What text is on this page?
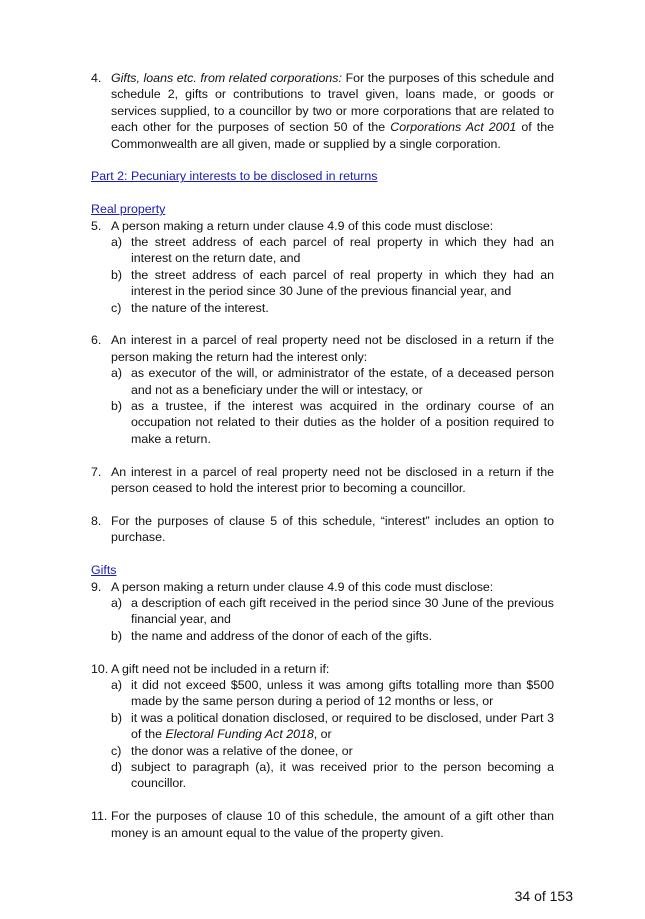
4. Gifts, loans etc. from related corporations: For the purposes of this schedule and schedule 2, gifts or contributions to travel given, loans made, or goods or services supplied, to a councillor by two or more corporations that are related to each other for the purposes of section 50 of the Corporations Act 2001 of the Commonwealth are all given, made or supplied by a single corporation.
Part 2: Pecuniary interests to be disclosed in returns
Real property
5. A person making a return under clause 4.9 of this code must disclose:
a) the street address of each parcel of real property in which they had an interest on the return date, and
b) the street address of each parcel of real property in which they had an interest in the period since 30 June of the previous financial year, and
c) the nature of the interest.
6. An interest in a parcel of real property need not be disclosed in a return if the person making the return had the interest only:
a) as executor of the will, or administrator of the estate, of a deceased person and not as a beneficiary under the will or intestacy, or
b) as a trustee, if the interest was acquired in the ordinary course of an occupation not related to their duties as the holder of a position required to make a return.
7. An interest in a parcel of real property need not be disclosed in a return if the person ceased to hold the interest prior to becoming a councillor.
8. For the purposes of clause 5 of this schedule, “interest” includes an option to purchase.
Gifts
9. A person making a return under clause 4.9 of this code must disclose:
a) a description of each gift received in the period since 30 June of the previous financial year, and
b) the name and address of the donor of each of the gifts.
10. A gift need not be included in a return if:
a) it did not exceed $500, unless it was among gifts totalling more than $500 made by the same person during a period of 12 months or less, or
b) it was a political donation disclosed, or required to be disclosed, under Part 3 of the Electoral Funding Act 2018, or
c) the donor was a relative of the donee, or
d) subject to paragraph (a), it was received prior to the person becoming a councillor.
11. For the purposes of clause 10 of this schedule, the amount of a gift other than money is an amount equal to the value of the property given.
34 of 153
